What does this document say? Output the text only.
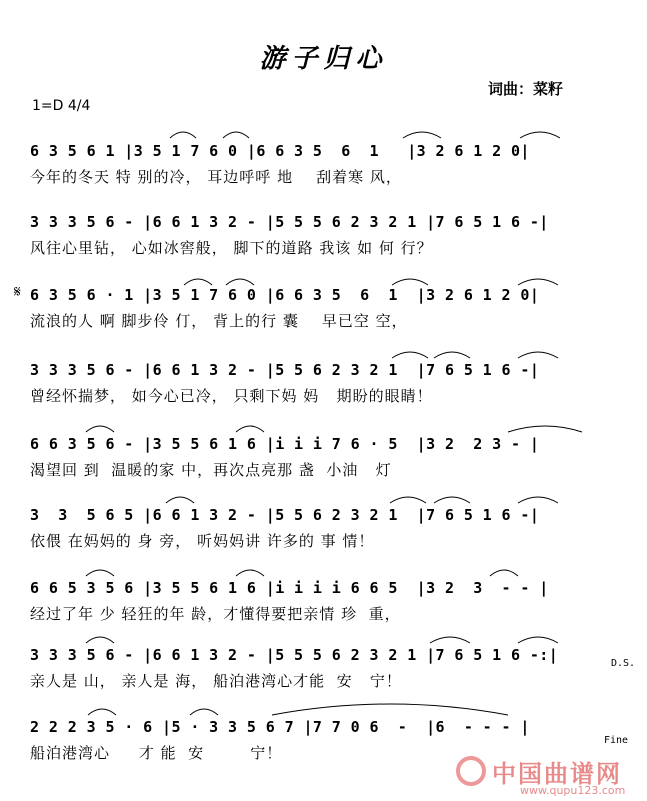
游子归心
词曲：菜籽
1=D 4/4
6 3 5 6 1 |3 5 1 7 6 0 |6 6 3 5  6  1   |3 2 6 1 2 0|
今年的冬天 特 别的冷， 耳边呼呼 地    刮着寒 风，
3 3 3 5 6 - |6 6 1 3 2 - |5 5 5 6 2 3 2 1 |7 6 5 1 6 -|
风往心里钻， 心如冰窖般， 脚下的道路 我该 如 何 行？
𝄋 6 3 5 6 · 1 |3 5 1 7 6 0 |6 6 3 5  6  1  |3 2 6 1 2 0|
流浪的人 啊 脚步伶 仃， 背上的行 囊    早已空 空，
3 3 3 5 6 - |6 6 1 3 2 - |5 5 6 2 3 2 1  |7 6 5 1 6 -|
曾经怀揣梦， 如今心已冷， 只剩下妈 妈   期盼的眼睛！
6 6 3 5 6 - |3 5 5 6 1 6 |i i i 7 6 · 5  |3 2  2 3 - |
渴望回 到  温暖的家 中，再次点亮那 盏  小油   灯
3  3  5 6 5 |6 6 1 3 2 - |5 5 6 2 3 2 1  |7 6 5 1 6 -|
依偎 在妈妈的 身 旁， 听妈妈讲 许多的 事 情！
6 6 5 3 5 6 |3 5 5 6 1 6 |i i i i 6 6 5  |3 2  3  - - |
经过了年 少 轻狂的年 龄，才懂得要把亲情 珍  重，
3 3 3 5 6 - |6 6 1 3 2 - |5 5 5 6 2 3 2 1 |7 6 5 1 6 -:|
亲人是 山， 亲人是 海， 船泊港湾心才能  安   宁！
2 2 2 3 5 · 6 |5 · 3 3 5 6 7 |7 7 0 6  -  |6  - - - |
船泊港湾心     才 能  安        宁！
D.S.
Fine
中国曲谱网
www.qupu123.com
